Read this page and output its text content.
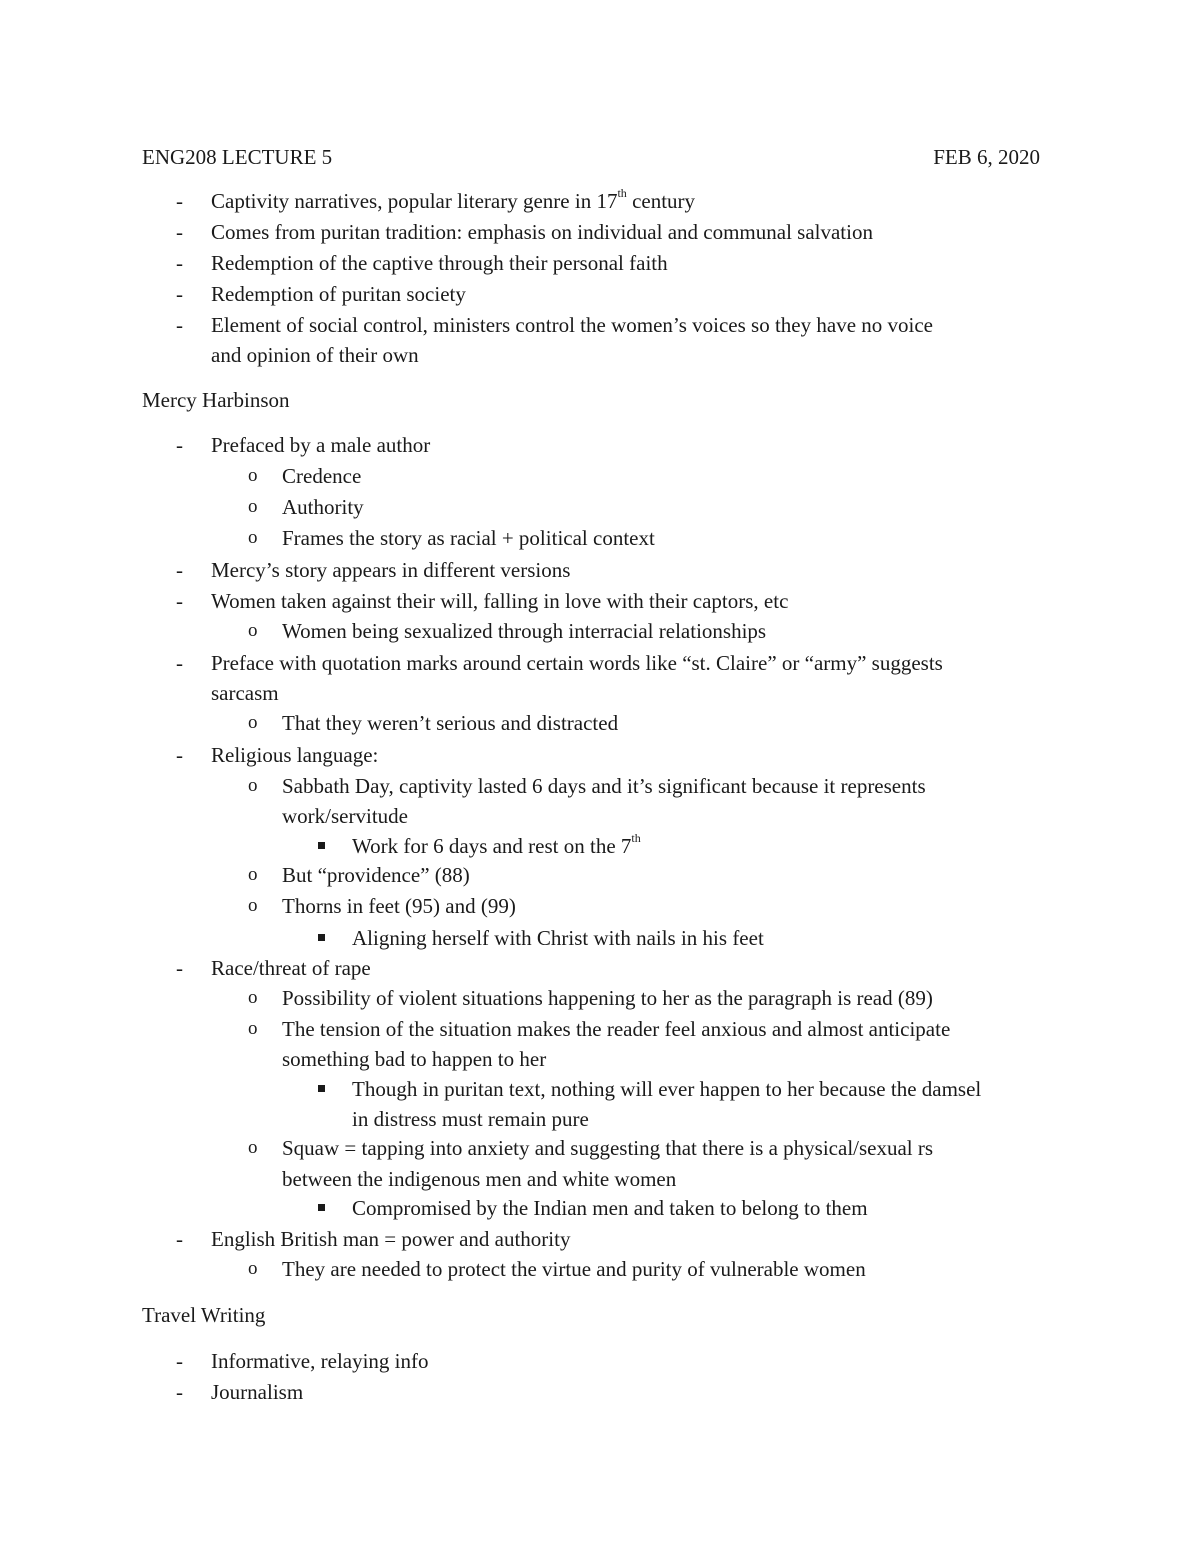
ENG208 LECTURE 5	FEB 6, 2020
- Captivity narratives, popular literary genre in 17th century
- Comes from puritan tradition: emphasis on individual and communal salvation
- Redemption of the captive through their personal faith
- Redemption of puritan society
- Element of social control, ministers control the women’s voices so they have no voice
and opinion of their own
Mercy Harbinson
- Prefaced by a male author
o Credence
o Authority
o Frames the story as racial + political context
- Mercy’s story appears in different versions
- Women taken against their will, falling in love with their captors, etc
o Women being sexualized through interracial relationships
- Preface with quotation marks around certain words like “st. Claire” or “army” suggests
sarcasm
o That they weren’t serious and distracted
- Religious language:
o Sabbath Day, captivity lasted 6 days and it’s significant because it represents
work/servitude
Work for 6 days and rest on the 7th
o But “providence” (88)
o Thorns in feet (95) and (99)
Aligning herself with Christ with nails in his feet
- Race/threat of rape
o Possibility of violent situations happening to her as the paragraph is read (89)
o The tension of the situation makes the reader feel anxious and almost anticipate
something bad to happen to her
Though in puritan text, nothing will ever happen to her because the damsel
in distress must remain pure
o Squaw = tapping into anxiety and suggesting that there is a physical/sexual rs
between the indigenous men and white women
Compromised by the Indian men and taken to belong to them
- English British man = power and authority
o They are needed to protect the virtue and purity of vulnerable women
Travel Writing
- Informative, relaying info
- Journalism
